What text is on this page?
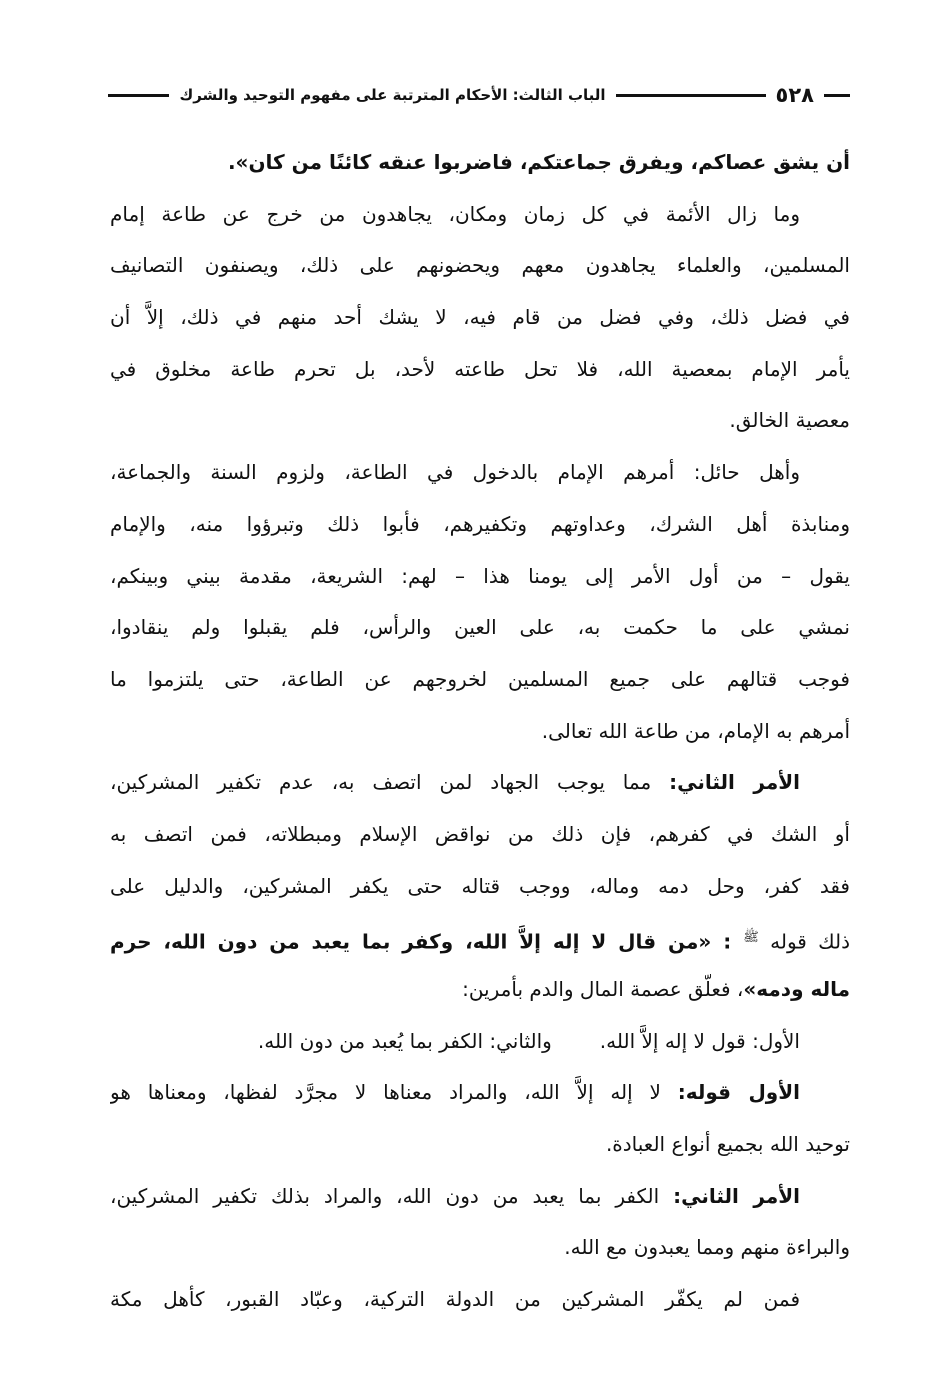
٥٢٨
الباب الثالث: الأحكام المترتبة على مفهوم التوحيد والشرك
أن يشق عصاكم، ويفرق جماعتكم، فاضربوا عنقه كائنًا من كان».
وما زال الأئمة في كل زمان ومكان، يجاهدون من خرج عن طاعة إمام
المسلمين، والعلماء يجاهدون معهم ويحضونهم على ذلك، ويصنفون التصانيف
في فضل ذلك، وفي فضل من قام فيه، لا يشك أحد منهم في ذلك، إلاَّ أن
يأمر الإمام بمعصية الله، فلا تحل طاعته لأحد، بل تحرم طاعة مخلوق في
معصية الخالق.
وأهل حائل: أمرهم الإمام بالدخول في الطاعة، ولزوم السنة والجماعة،
ومنابذة أهل الشرك، وعداوتهم وتكفيرهم، فأبوا ذلك وتبرؤوا منه، والإمام
يقول – من أول الأمر إلى يومنا هذا – لهم: الشريعة، مقدمة بيني وبينكم،
نمشي على ما حكمت به، على العين والرأس، فلم يقبلوا ولم ينقادوا،
فوجب قتالهم على جميع المسلمين لخروجهم عن الطاعة، حتى يلتزموا ما
أمرهم به الإمام، من طاعة الله تعالى.
الأمر الثاني: مما يوجب الجهاد لمن اتصف به، عدم تكفير المشركين،
أو الشك في كفرهم، فإن ذلك من نواقض الإسلام ومبطلاته، فمن اتصف به
فقد كفر، وحل دمه وماله، ووجب قتاله حتى يكفر المشركين، والدليل على
ذلك قوله $^ﷺ$ : «من قال لا إله إلاَّ الله، وكفر بما يعبد من دون الله، حرم
ماله ودمه»، فعلّق عصمة المال والدم بأمرين:
الأول: قول لا إله إلاَّ الله.
والثاني: الكفر بما يُعبد من دون الله.
الأول قوله: لا إله إلاَّ الله، والمراد معناها لا مجرَّد لفظها، ومعناها هو
توحيد الله بجميع أنواع العبادة.
الأمر الثاني: الكفر بما يعبد من دون الله، والمراد بذلك تكفير المشركين،
والبراءة منهم ومما يعبدون مع الله.
فمن لم يكفّر المشركين من الدولة التركية، وعبّاد القبور، كأهل مكة
